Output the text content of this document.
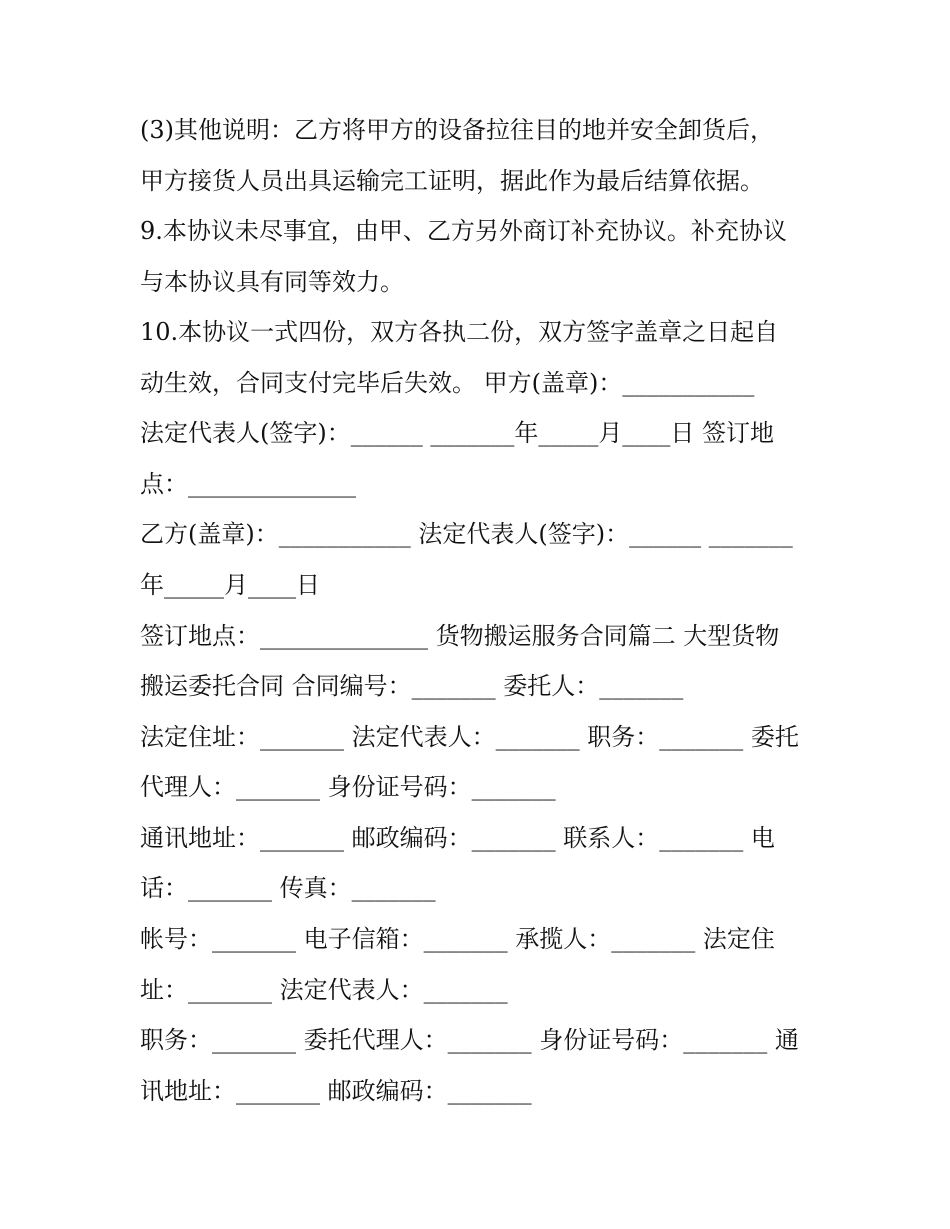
(3)其他说明：乙方将甲方的设备拉往目的地并安全卸货后，
甲方接货人员出具运输完工证明，据此作为最后结算依据。
9.本协议未尽事宜，由甲、乙方另外商订补充协议。补充协议
与本协议具有同等效力。
10.本协议一式四份，双方各执二份，双方签字盖章之日起自
动生效，合同支付完毕后失效。 甲方(盖章)：___________
法定代表人(签字)：______ _______年_____月____日 签订地
点：______________
乙方(盖章)：___________ 法定代表人(签字)：______ _______
年_____月____日
签订地点：______________ 货物搬运服务合同篇二 大型货物
搬运委托合同 合同编号：_______ 委托人：_______
法定住址：_______ 法定代表人：_______ 职务：_______ 委托
代理人：_______ 身份证号码：_______
通讯地址：_______ 邮政编码：_______ 联系人：_______ 电
话：_______ 传真：_______
帐号：_______ 电子信箱：_______ 承揽人：_______ 法定住
址：_______ 法定代表人：_______
职务：_______ 委托代理人：_______ 身份证号码：_______ 通
讯地址：_______ 邮政编码：_______
